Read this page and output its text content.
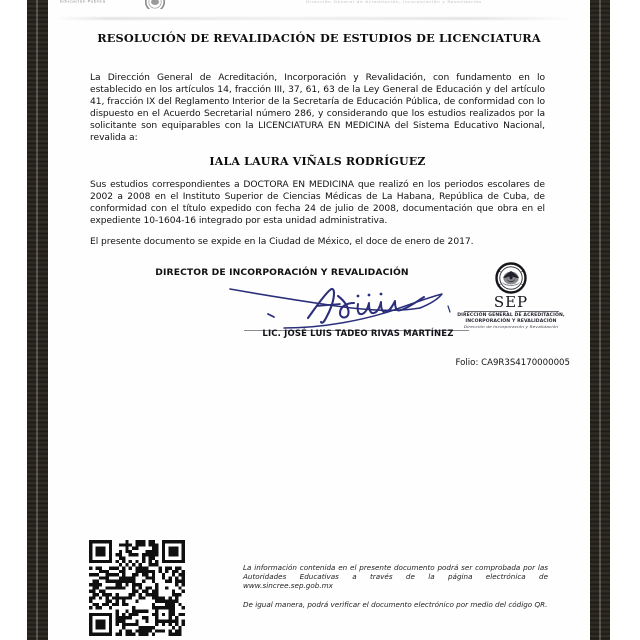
Educación Pública	Dirección General de Acreditación, Incorporación y Revalidación
RESOLUCIÓN DE REVALIDACIÓN DE ESTUDIOS DE LICENCIATURA

La Dirección General de Acreditación, Incorporación y Revalidación, con fundamento en lo establecido en los artículos 14, fracción III, 37, 61, 63 de la Ley General de Educación y del artículo 41, fracción IX del Reglamento Interior de la Secretaría de Educación Pública, de conformidad con lo dispuesto en el Acuerdo Secretarial número 286, y considerando que los estudios realizados por la solicitante son equiparables con la LICENCIATURA EN MEDICINA del Sistema Educativo Nacional, revalida a:

IALA LAURA VIÑALS RODRÍGUEZ

Sus estudios correspondientes a DOCTORA EN MEDICINA que realizó en los periodos escolares de 2002 a 2008 en el Instituto Superior de Ciencias Médicas de La Habana, República de Cuba, de conformidad con el título expedido con fecha 24 de julio de 2008, documentación que obra en el expediente 10-1604-16 integrado por esta unidad administrativa.

El presente documento se expide en la Ciudad de México, el doce de enero de 2017.

DIRECTOR DE INCORPORACIÓN Y REVALIDACIÓN
LIC. JOSÉ LUIS TADEO RIVAS MARTÍNEZ
SEP
DIRECCIÓN GENERAL DE ACREDITACIÓN,
INCORPORACIÓN Y REVALIDACIÓN
Dirección de Incorporación y Revalidación
Folio: CA9R3S4170000005

La información contenida en el presente documento podrá ser comprobada por las Autoridades Educativas a través de la página electrónica de www.sincree.sep.gob.mx

De igual manera, podrá verificar el documento electrónico por medio del código QR.
